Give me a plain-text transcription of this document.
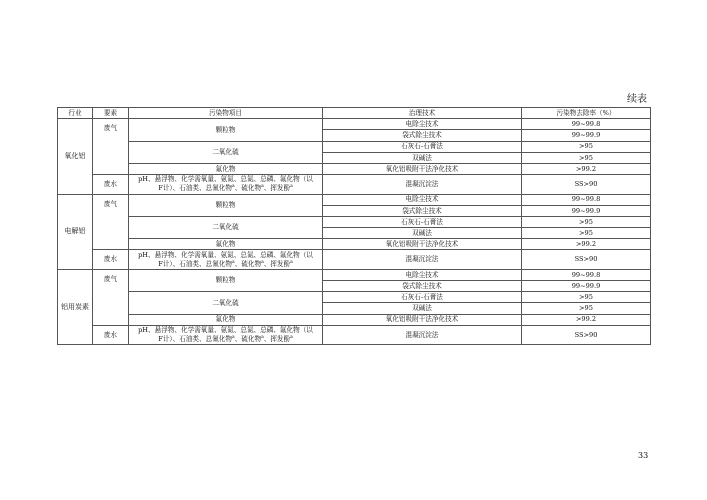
续表
行业	要素	污染物项目	治理技术	污染物去除率（%）
氧化铝	废气	颗粒物	电除尘技术	99~99.8
			袋式除尘技术	99~99.9
		二氧化硫	石灰石-石膏法	>95
			双碱法	>95
		氟化物	氧化铝吸附干法净化技术	>99.2
	废水	pH、悬浮物、化学需氧量、氨氮、总氮、总磷、氟化物（以
F计）、石油类、总氰化物$^a$、硫化物$^a$、挥发酚$^a$	混凝沉淀法	SS>90
电解铝	废气	颗粒物	电除尘技术	99~99.8
			袋式除尘技术	99~99.9
		二氧化硫	石灰石-石膏法	>95
			双碱法	>95
		氟化物	氧化铝吸附干法净化技术	>99.2
	废水	pH、悬浮物、化学需氧量、氨氮、总氮、总磷、氟化物（以
F计）、石油类、总氰化物$^a$、硫化物$^a$、挥发酚$^a$	混凝沉淀法	SS>90
铝用炭素	废气	颗粒物	电除尘技术	99~99.8
			袋式除尘技术	99~99.9
		二氧化硫	石灰石-石膏法	>95
			双碱法	>95
		氟化物	氧化铝吸附干法净化技术	>99.2
	废水	pH、悬浮物、化学需氧量、氨氮、总氮、总磷、氟化物（以
F计）、石油类、总氰化物$^a$、硫化物$^a$、挥发酚$^a$	混凝沉淀法	SS>90
33
